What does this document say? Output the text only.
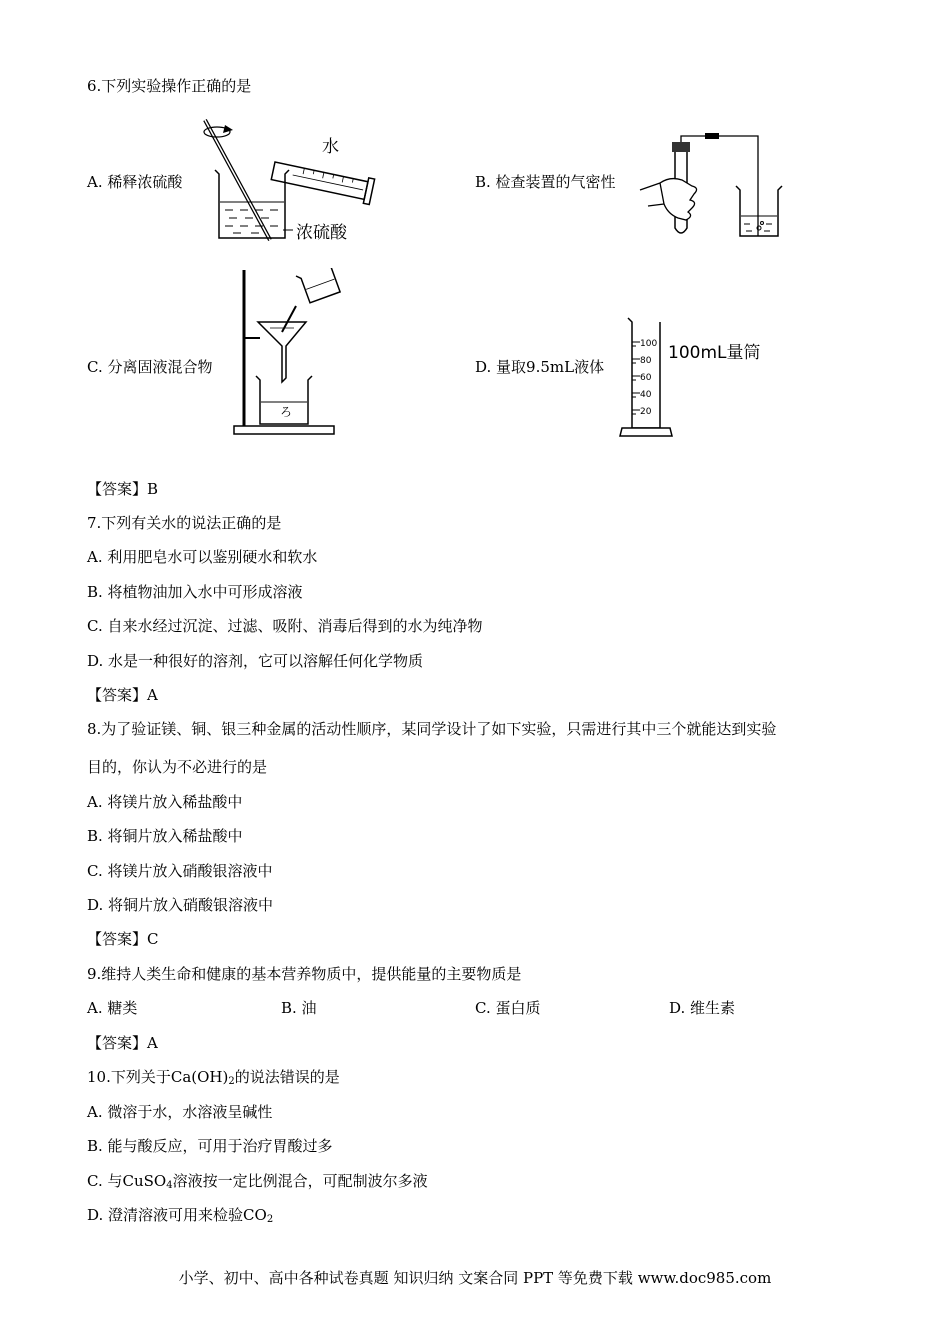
6.下列实验操作正确的是
A. 稀释浓硫酸	B. 检查装置的气密性
C. 分离固液混合物	D. 量取9.5mL液体
水
浓硫酸
ろ
100
80
60
40
20
100mL量筒
【答案】B
7.下列有关水的说法正确的是
A. 利用肥皂水可以鉴别硬水和软水
B. 将植物油加入水中可形成溶液
C. 自来水经过沉淀、过滤、吸附、消毒后得到的水为纯净物
D. 水是一种很好的溶剂，它可以溶解任何化学物质
【答案】A
8.为了验证镁、铜、银三种金属的活动性顺序，某同学设计了如下实验，只需进行其中三个就能达到实验
目的，你认为不必进行的是
A. 将镁片放入稀盐酸中
B. 将铜片放入稀盐酸中
C. 将镁片放入硝酸银溶液中
D. 将铜片放入硝酸银溶液中
【答案】C
9.维持人类生命和健康的基本营养物质中，提供能量的主要物质是
A. 糖类	B. 油	C. 蛋白质	D. 维生素
【答案】A
10.下列关于$Ca(OH)_2$的说法错误的是
A. 微溶于水，水溶液呈碱性
B. 能与酸反应，可用于治疗胃酸过多
C. 与CuSO$_4$溶液按一定比例混合，可配制波尔多液
D. 澄清溶液可用来检验$CO_2$
小学、初中、高中各种试卷真题 知识归纳 文案合同 PPT 等免费下载 www.doc985.com
